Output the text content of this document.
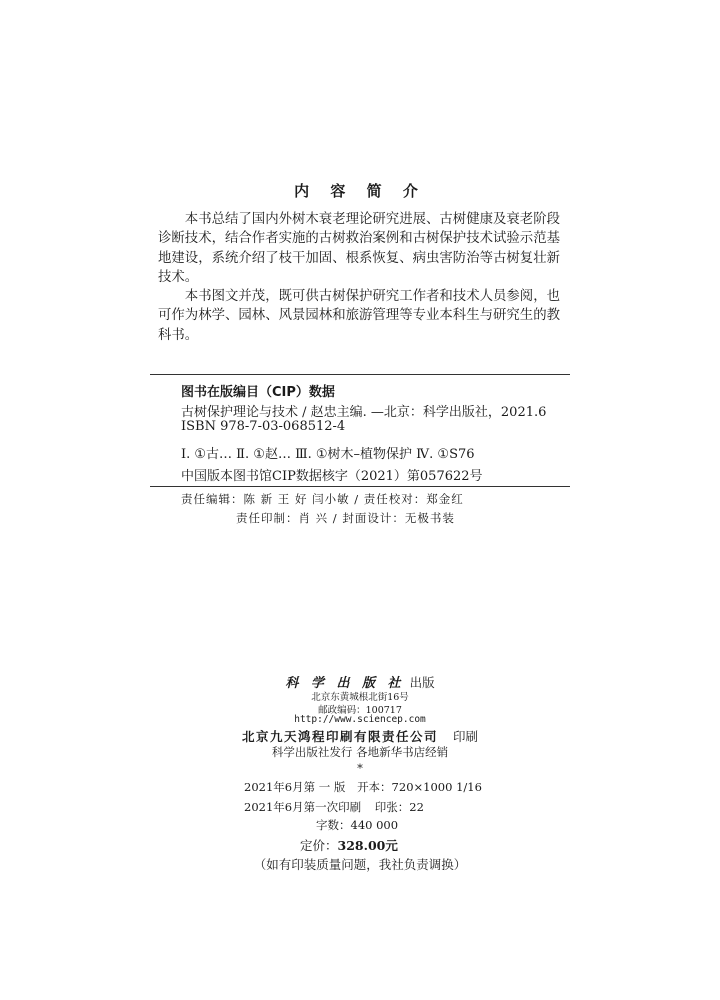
内 容 简 介

本书总结了国内外树木衰老理论研究进展、古树健康及衰老阶段诊断技术，结合作者实施的古树救治案例和古树保护技术试验示范基地建设，系统介绍了枝干加固、根系恢复、病虫害防治等古树复壮新技术。

本书图文并茂，既可供古树保护研究工作者和技术人员参阅，也可作为林学、园林、风景园林和旅游管理等专业本科生与研究生的教科书。

图书在版编目（CIP）数据
古树保护理论与技术 / 赵忠主编. —北京：科学出版社，2021.6
ISBN 978-7-03-068512-4
Ⅰ. ①古… Ⅱ. ①赵… Ⅲ. ①树木–植物保护 Ⅳ. ①S76
中国版本图书馆CIP数据核字（2021）第057622号
责任编辑：陈 新 王 好 闫小敏 / 责任校对：郑金红
责任印制：肖 兴 / 封面设计：无极书装
科 学 出 版 社 出版
北京东黄城根北街16号
邮政编码：100717
http://www.sciencep.com
北京九天鸿程印刷有限责任公司 印刷
科学出版社发行 各地新华书店经销
*
2021年6月第 一 版 开本：720×1000 1/16
2021年6月第一次印刷 印张：22
字数：440 000
定价：328.00元
（如有印装质量问题，我社负责调换）
